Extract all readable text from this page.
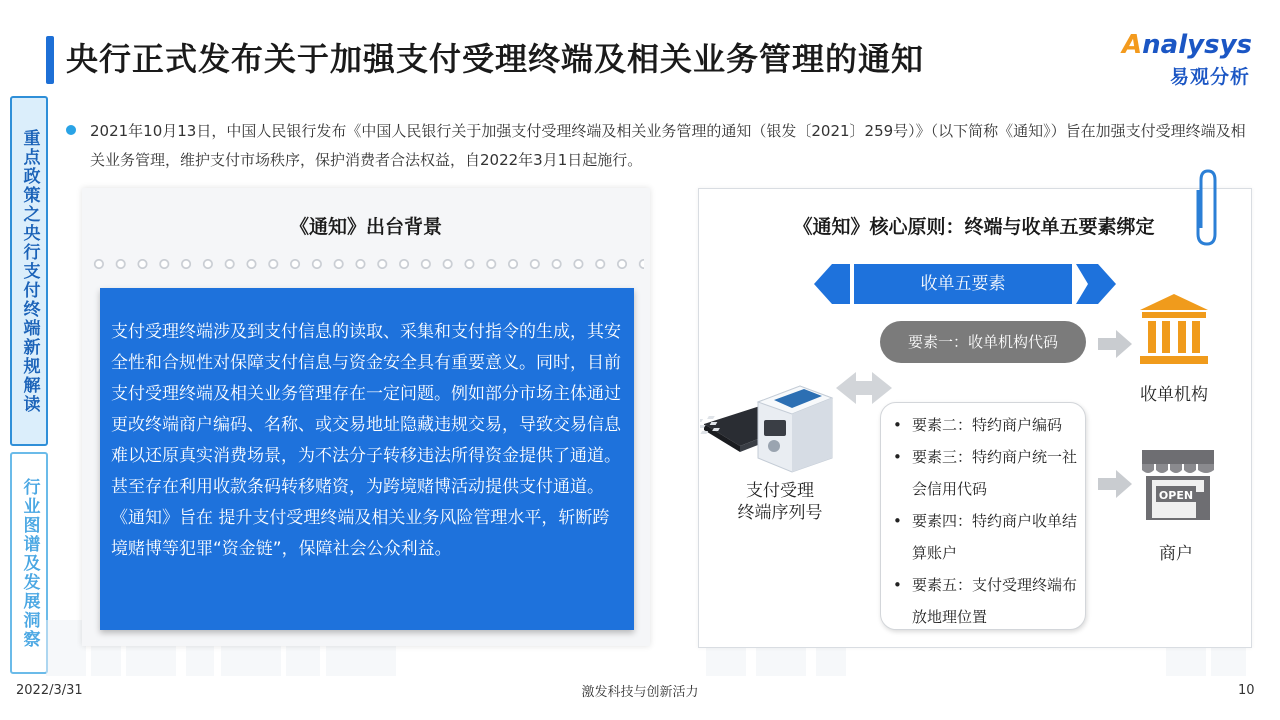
央行正式发布关于加强支付受理终端及相关业务管理的通知	Analysys
易观分析
重点政策之央行支付终端新规解读
行业图谱及发展洞察
2021年10月13日，中国人民银行发布《中国人民银行关于加强支付受理终端及相关业务管理的通知（银发〔2021〕259号）》（以下简称《通知》）旨在加强支付受理终端及相关业务管理，维护支付市场秩序，保护消费者合法权益，自2022年3月1日起施行。
《通知》出台背景

支付受理终端涉及到支付信息的读取、采集和支付指令的生成，其安全性和合规性对保障支付信息与资金安全具有重要意义。同时，目前支付受理终端及相关业务管理存在一定问题。例如部分市场主体通过更改终端商户编码、名称、或交易地址隐藏违规交易，导致交易信息难以还原真实消费场景，为不法分子转移违法所得资金提供了通道。甚至存在利用收款条码转移赌资，为跨境赌博活动提供支付通道。

《通知》旨在 提升支付受理终端及相关业务风险管理水平，斩断跨境赌博等犯罪“资金链”，保障社会公众利益。

《通知》核心原则：终端与收单五要素绑定
收单五要素
支付受理
终端序列号
要素一：收单机构代码
• 要素二：特约商户编码
• 要素三：特约商户统一社会信用代码
• 要素四：特约商户收单结算账户
• 要素五：支付受理终端布放地理位置
收单机构
OPEN
商户
2022/3/31	激发科技与创新活力	10
